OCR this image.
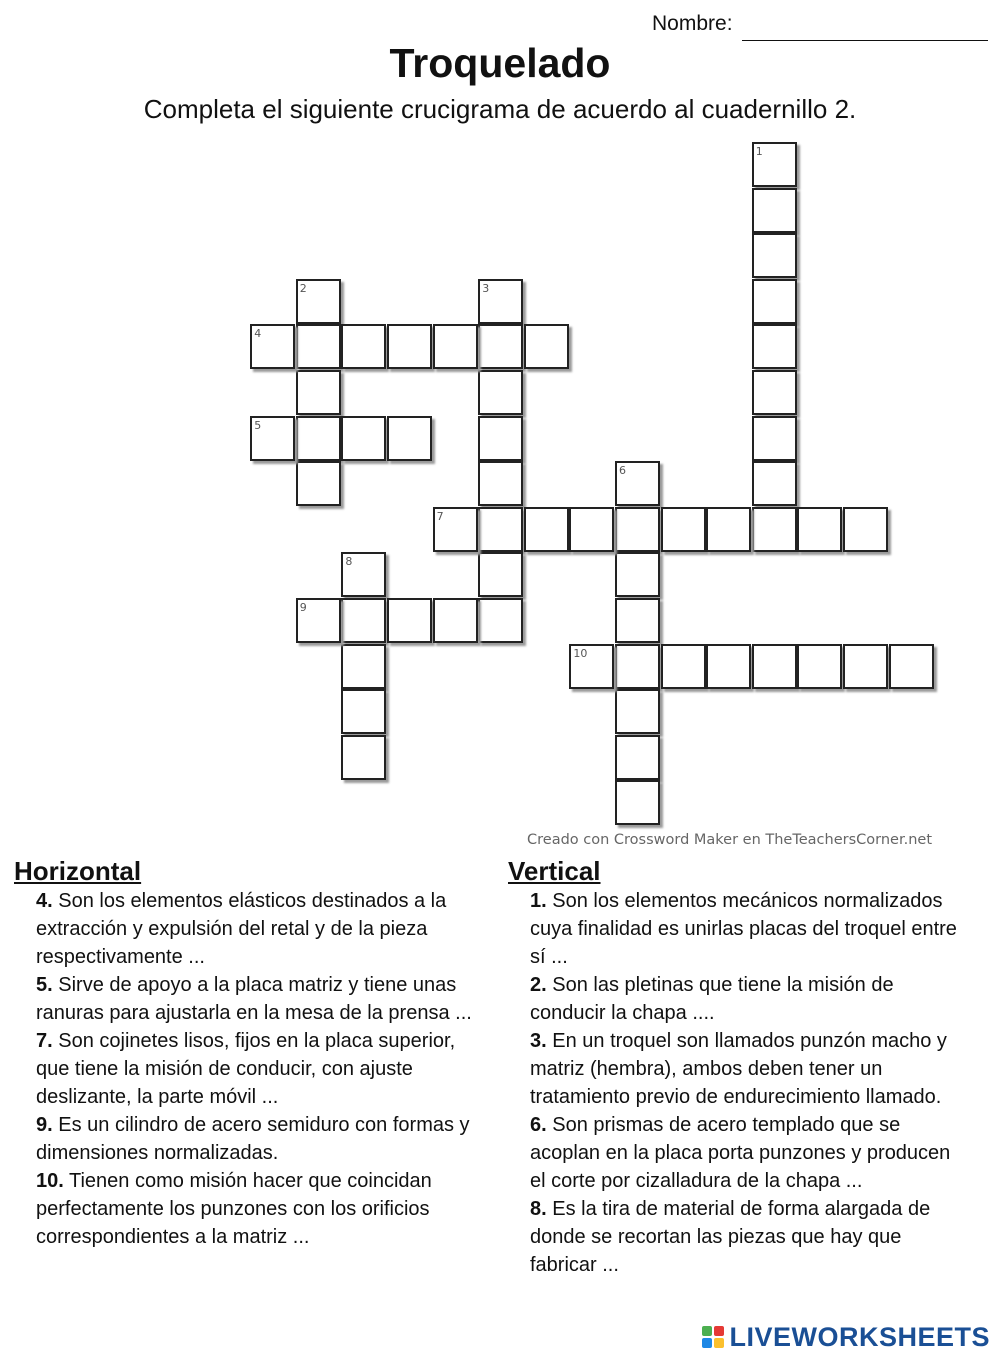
Nombre:
Troquelado
Completa el siguiente crucigrama de acuerdo al cuadernillo 2.
1
2	3
4
5
6
7
8
9
10
Creado con Crossword Maker en TheTeachersCorner.net
Horizontal

4. Son los elementos elásticos destinados a la extracción y expulsión del retal y de la pieza respectivamente ...

5. Sirve de apoyo a la placa matriz y tiene unas ranuras para ajustarla en la mesa de la prensa ...

7. Son cojinetes lisos, fijos en la placa superior, que tiene la misión de conducir, con ajuste deslizante, la parte móvil ...

9. Es un cilindro de acero semiduro con formas y dimensiones normalizadas.

10. Tienen como misión hacer que coincidan perfectamente los punzones con los orificios correspondientes a la matriz ...

Vertical

1. Son los elementos mecánicos normalizados cuya finalidad es unirlas placas del troquel entre sí ...

2. Son las pletinas que tiene la misión de conducir la chapa ....

3. En un troquel son llamados punzón macho y matriz (hembra), ambos deben tener un tratamiento previo de endurecimiento llamado.

6. Son prismas de acero templado que se acoplan en la placa porta punzones y producen el corte por cizalladura de la chapa ...

8. Es la tira de material de forma alargada de donde se recortan las piezas que hay que fabricar ...

LIVEWORKSHEETS
